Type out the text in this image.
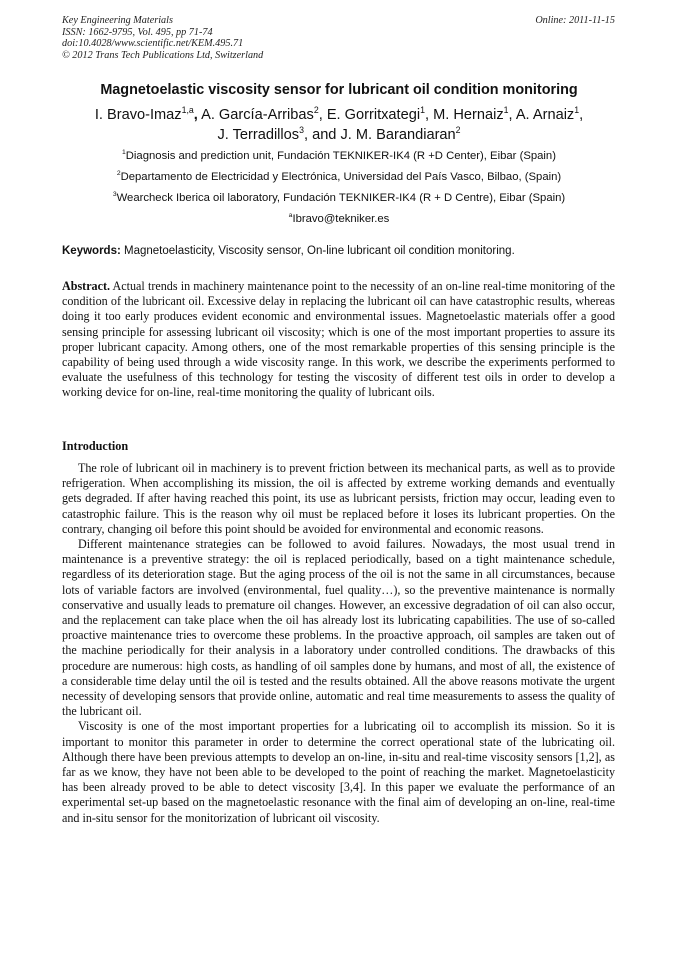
Key Engineering Materials
ISSN: 1662-9795, Vol. 495, pp 71-74
doi:10.4028/www.scientific.net/KEM.495.71
© 2012 Trans Tech Publications Ltd, Switzerland
Online: 2011-11-15
Magnetoelastic viscosity sensor for lubricant oil condition monitoring
I. Bravo-Imaz$^{1,a}$, A. García-Arribas$^2$, E. Gorritxategi$^1$, M. Hernaiz$^1$, A. Arnaiz$^1$,
J. Terradillos$^3$, and J. M. Barandiaran$^2$
$^1$Diagnosis and prediction unit, Fundación TEKNIKER-IK4 (R +D Center), Eibar (Spain)
$^2$Departamento de Electricidad y Electrónica, Universidad del País Vasco, Bilbao, (Spain)
$^3$Wearcheck Iberica oil laboratory, Fundación TEKNIKER-IK4 (R + D Centre), Eibar (Spain)
$^a$Ibravo@tekniker.es
Keywords: Magnetoelasticity, Viscosity sensor, On-line lubricant oil condition monitoring.

Abstract. Actual trends in machinery maintenance point to the necessity of an on-line real-time monitoring of the condition of the lubricant oil. Excessive delay in replacing the lubricant oil can have catastrophic results, whereas doing it too early produces evident economic and environmental issues. Magnetoelastic materials offer a good sensing principle for assessing lubricant oil viscosity; which is one of the most important properties to assure its proper lubricant capacity. Among others, one of the most remarkable properties of this sensing principle is the capability of being used through a wide viscosity range. In this work, we describe the experiments performed to evaluate the usefulness of this technology for testing the viscosity of different test oils in order to develop a working device for on-line, real-time monitoring the quality of lubricant oils.

Introduction

The role of lubricant oil in machinery is to prevent friction between its mechanical parts, as well as to provide refrigeration. When accomplishing its mission, the oil is affected by extreme working demands and eventually gets degraded. If after having reached this point, its use as lubricant persists, friction may occur, leading even to catastrophic failure. This is the reason why oil must be replaced before it loses its lubricant properties. On the contrary, changing oil before this point should be avoided for environmental and economic reasons.

Different maintenance strategies can be followed to avoid failures. Nowadays, the most usual trend in maintenance is a preventive strategy: the oil is replaced periodically, based on a tight maintenance schedule, regardless of its deterioration stage. But the aging process of the oil is not the same in all circumstances, because lots of variable factors are involved (environmental, fuel quality…), so the preventive maintenance is normally conservative and usually leads to premature oil changes. However, an excessive degradation of oil can also occur, and the replacement can take place when the oil has already lost its lubricating capabilities. The use of so-called proactive maintenance tries to overcome these problems. In the proactive approach, oil samples are taken out of the machine periodically for their analysis in a laboratory under controlled conditions. The drawbacks of this procedure are numerous: high costs, as handling of oil samples done by humans, and most of all, the existence of a considerable time delay until the oil is tested and the results obtained. All the above reasons motivate the urgent necessity of developing sensors that provide online, automatic and real time measurements to assess the quality of the lubricant oil.

Viscosity is one of the most important properties for a lubricating oil to accomplish its mission. So it is important to monitor this parameter in order to determine the correct operational state of the lubricating oil. Although there have been previous attempts to develop an on-line, in-situ and real-time viscosity sensors [1,2], as far as we know, they have not been able to be developed to the point of reaching the market. Magnetoelasticity has been already proved to be able to detect viscosity [3,4]. In this paper we evaluate the performance of an experimental set-up based on the magnetoelastic resonance with the final aim of developing an on-line, real-time and in-situ sensor for the monitorization of lubricant oil viscosity.
